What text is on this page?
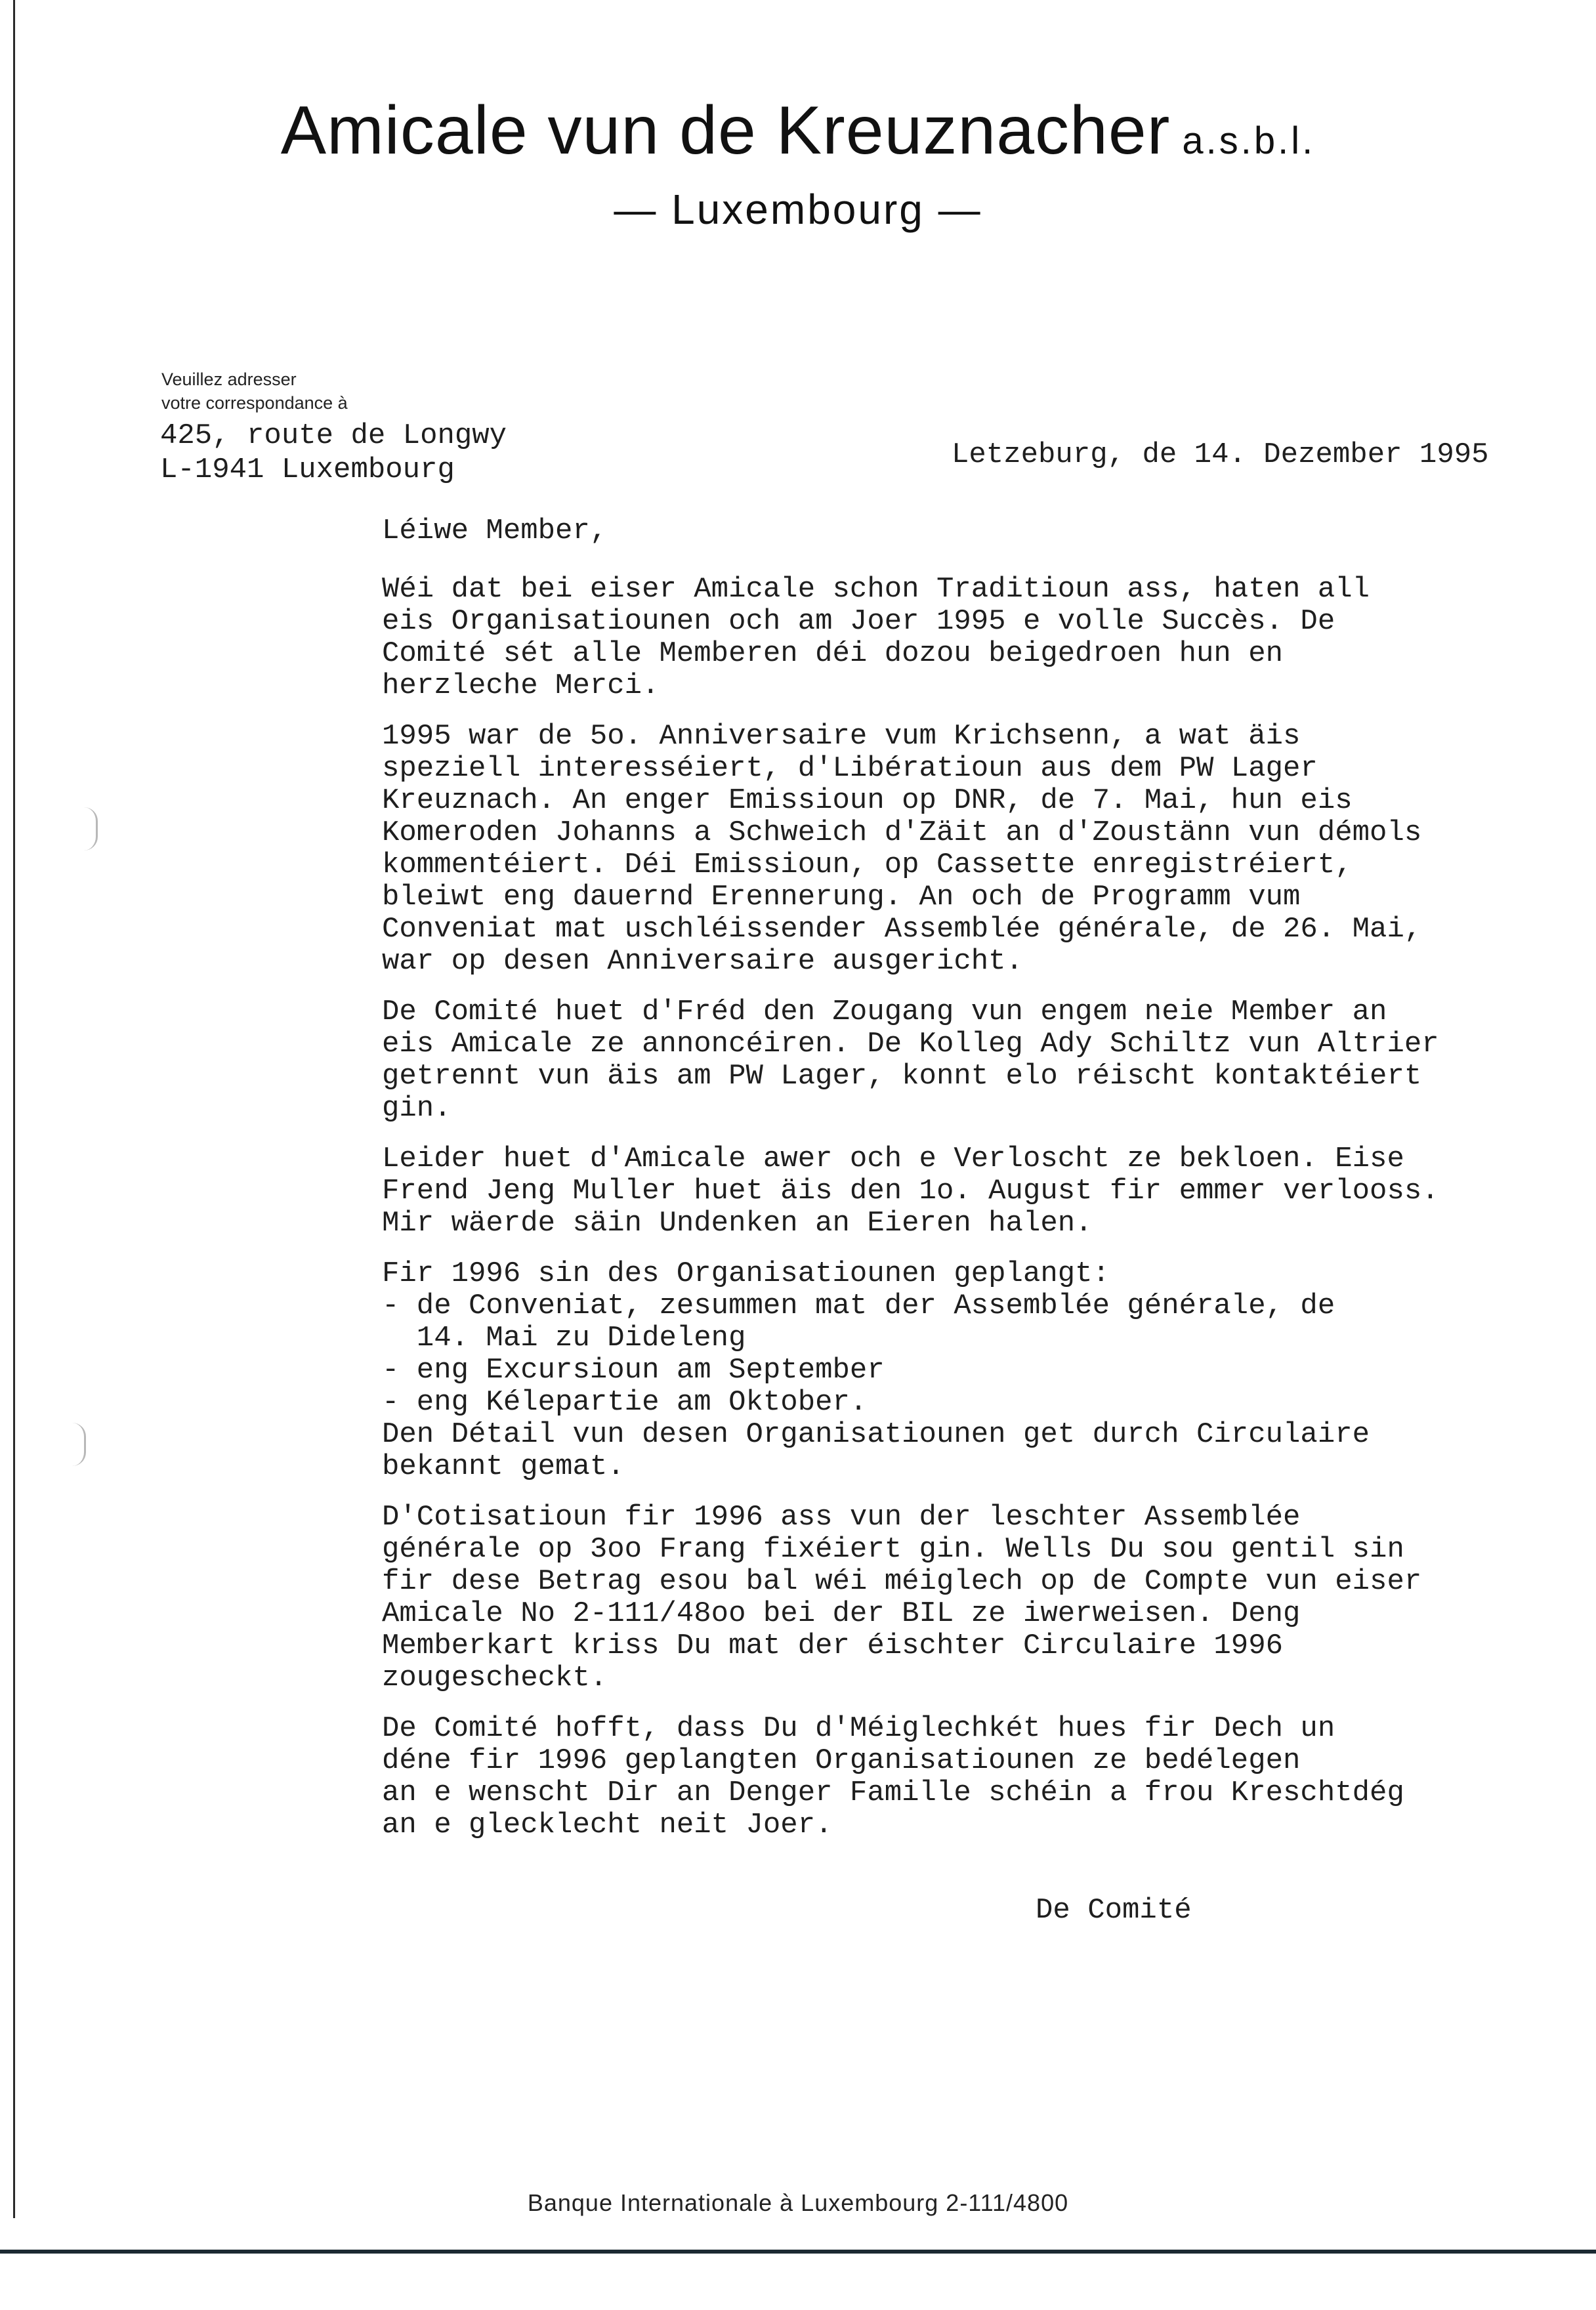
Amicale vun de Kreuznacher a.s.b.l.
— Luxembourg —
Veuillez adresser
votre correspondance à
425, route de Longwy
L-1941 Luxembourg	Letzeburg, de 14. Dezember 1995

Léiwe Member,

Wéi dat bei eiser Amicale schon Traditioun ass, haten all
eis Organisatiounen och am Joer 1995 e volle Succès. De
Comité sét alle Memberen déi dozou beigedroen hun en
herzleche Merci.

1995 war de 5o. Anniversaire vum Krichsenn, a wat äis
speziell interesséiert, d'Libératioun aus dem PW Lager
Kreuznach. An enger Emissioun op DNR, de 7. Mai, hun eis
Komeroden Johanns a Schweich d'Zäit an d'Zoustänn vun démols
kommentéiert. Déi Emissioun, op Cassette enregistréiert,
bleiwt eng dauernd Erennerung. An och de Programm vum
Conveniat mat uschléissender Assemblée générale, de 26. Mai,
war op desen Anniversaire ausgericht.

De Comité huet d'Fréd den Zougang vun engem neie Member an
eis Amicale ze annoncéiren. De Kolleg Ady Schiltz vun Altrier
getrennt vun äis am PW Lager, konnt elo réischt kontaktéiert
gin.

Leider huet d'Amicale awer och e Verloscht ze bekloen. Eise
Frend Jeng Muller huet äis den 1o. August fir emmer verlooss.
Mir wäerde säin Undenken an Eieren halen.

Fir 1996 sin des Organisatiounen geplangt:
- de Conveniat, zesummen mat der Assemblée générale, de
14. Mai zu Dideleng
- eng Excursioun am September
- eng Kélepartie am Oktober.
Den Détail vun desen Organisatiounen get durch Circulaire
bekannt gemat.

D'Cotisatioun fir 1996 ass vun der leschter Assemblée
générale op 3oo Frang fixéiert gin. Wells Du sou gentil sin
fir dese Betrag esou bal wéi méiglech op de Compte vun eiser
Amicale No 2-111/48oo bei der BIL ze iwerweisen. Deng
Memberkart kriss Du mat der éischter Circulaire 1996
zougescheckt.

De Comité hofft, dass Du d'Méiglechkét hues fir Dech un
déne fir 1996 geplangten Organisatiounen ze bedélegen
an e wenscht Dir an Denger Famille schéin a frou Kreschtdég
an e glecklecht neit Joer.

De Comité
Banque Internationale à Luxembourg 2-111/4800
